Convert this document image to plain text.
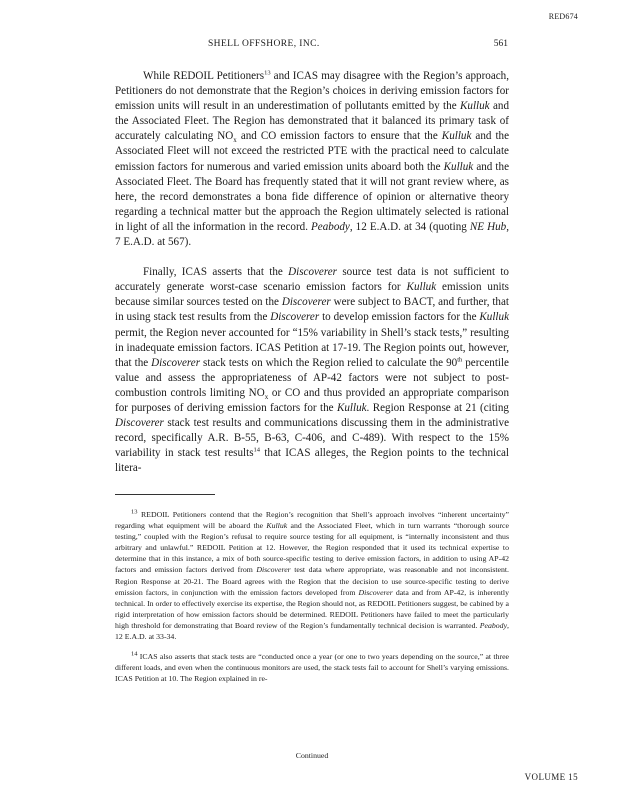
RED674
SHELL OFFSHORE, INC.	561

While REDOIL Petitioners$^{13}$ and ICAS may disagree with the Region’s approach, Petitioners do not demonstrate that the Region’s choices in deriving emission factors for emission units will result in an underestimation of pollutants emitted by the Kulluk and the Associated Fleet. The Region has demonstrated that it balanced its primary task of accurately calculating $NO_x$ and CO emission factors to ensure that the Kulluk and the Associated Fleet will not exceed the restricted PTE with the practical need to calculate emission factors for numerous and varied emission units aboard both the Kulluk and the Associated Fleet. The Board has frequently stated that it will not grant review where, as here, the record demonstrates a bona fide difference of opinion or alternative theory regarding a technical matter but the approach the Region ultimately selected is rational in light of all the information in the record. Peabody, 12 E.A.D. at 34 (quoting NE Hub, 7 E.A.D. at 567).

Finally, ICAS asserts that the Discoverer source test data is not sufficient to accurately generate worst-case scenario emission factors for Kulluk emission units because similar sources tested on the Discoverer were subject to BACT, and further, that in using stack test results from the Discoverer to develop emission factors for the Kulluk permit, the Region never accounted for “15% variability in Shell’s stack tests,” resulting in inadequate emission factors. ICAS Petition at 17-19. The Region points out, however, that the Discoverer stack tests on which the Region relied to calculate the 90th percentile value and assess the appropriateness of AP-42 factors were not subject to post-combustion controls limiting $NO_x$ or CO and thus provided an appropriate comparison for purposes of deriving emission factors for the Kulluk. Region Response at 21 (citing Discoverer stack test results and communications discussing them in the administrative record, specifically A.R. B-55, B-63, C-406, and C-489). With respect to the 15% variability in stack test results$^{14}$ that ICAS alleges, the Region points to the technical litera-

$^{13}$ REDOIL Petitioners contend that the Region’s recognition that Shell’s approach involves “inherent uncertainty” regarding what equipment will be aboard the Kulluk and the Associated Fleet, which in turn warrants “thorough source testing,” coupled with the Region’s refusal to require source testing for all equipment, is “internally inconsistent and thus arbitrary and unlawful.” REDOIL Petition at 12. However, the Region responded that it used its technical expertise to determine that in this instance, a mix of both source-specific testing to derive emission factors, in addition to using AP-42 factors and emission factors derived from Discoverer test data where appropriate, was reasonable and not inconsistent. Region Response at 20-21. The Board agrees with the Region that the decision to use source-specific testing to derive emission factors, in conjunction with the emission factors developed from Discoverer data and from AP-42, is inherently technical. In order to effectively exercise its expertise, the Region should not, as REDOIL Petitioners suggest, be cabined by a rigid interpretation of how emission factors should be determined. REDOIL Petitioners have failed to meet the particularly high threshold for demonstrating that Board review of the Region’s fundamentally technical decision is warranted. Peabody, 12 E.A.D. at 33-34.

$^{14}$ ICAS also asserts that stack tests are “conducted once a year (or one to two years depending on the source,” at three different loads, and even when the continuous monitors are used, the stack tests fail to account for Shell’s varying emissions. ICAS Petition at 10. The Region explained in re-

Continued
VOLUME 15
